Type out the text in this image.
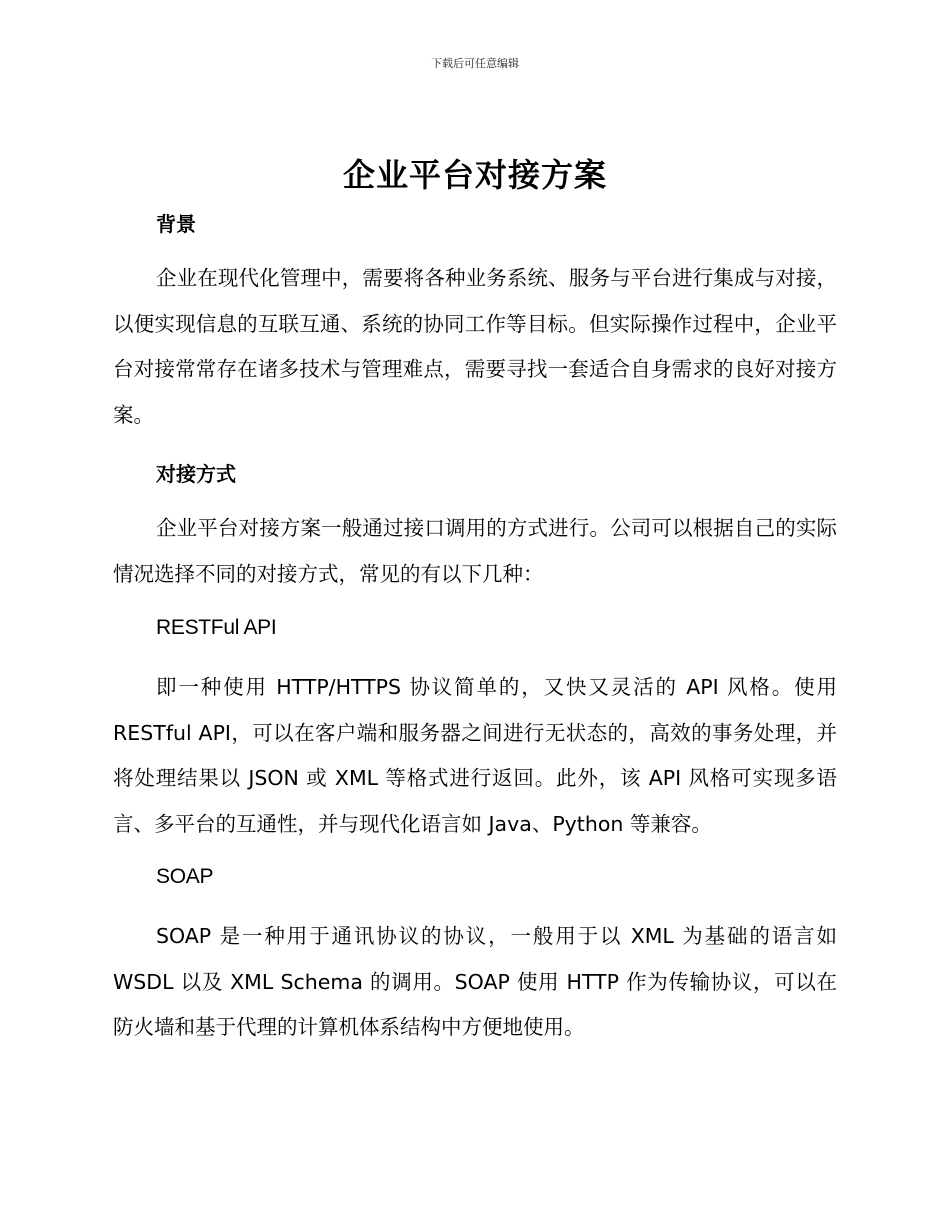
下载后可任意编辑
企业平台对接方案
背景
企业在现代化管理中，需要将各种业务系统、服务与平台进行集成与对接，以便实现信息的互联互通、系统的协同工作等目标。但实际操作过程中，企业平台对接常常存在诸多技术与管理难点，需要寻找一套适合自身需求的良好对接方案。
对接方式
企业平台对接方案一般通过接口调用的方式进行。公司可以根据自己的实际情况选择不同的对接方式，常见的有以下几种：
RESTFul API
即一种使用 HTTP/HTTPS 协议简单的，又快又灵活的 API 风格。使用 RESTful API，可以在客户端和服务器之间进行无状态的，高效的事务处理，并将处理结果以 JSON 或 XML 等格式进行返回。此外，该 API 风格可实现多语言、多平台的互通性，并与现代化语言如 Java、Python 等兼容。
SOAP
SOAP 是一种用于通讯协议的协议，一般用于以 XML 为基础的语言如 WSDL 以及 XML Schema 的调用。SOAP 使用 HTTP 作为传输协议，可以在防火墙和基于代理的计算机体系结构中方便地使用。
